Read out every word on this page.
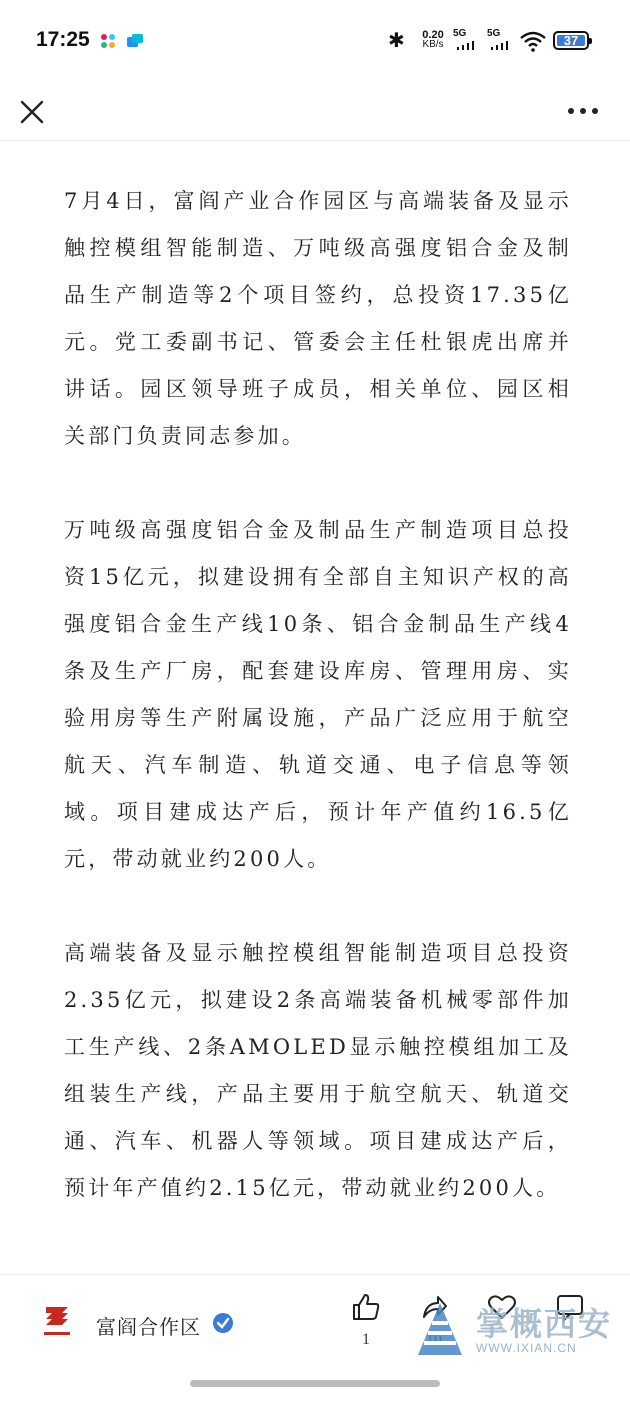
17:25	✱ 0.20
KB/s
5G 5G	37

7月4日，富阎产业合作园区与高端装备及显示触控模组智能制造、万吨级高强度铝合金及制品生产制造等2个项目签约，总投资17.35亿元。党工委副书记、管委会主任杜银虎出席并讲话。园区领导班子成员，相关单位、园区相关部门负责同志参加。

万吨级高强度铝合金及制品生产制造项目总投资15亿元，拟建设拥有全部自主知识产权的高强度铝合金生产线10条、铝合金制品生产线4条及生产厂房，配套建设库房、管理用房、实验用房等生产附属设施，产品广泛应用于航空航天、汽车制造、轨道交通、电子信息等领域。项目建成达产后，预计年产值约16.5亿元，带动就业约200人。

高端装备及显示触控模组智能制造项目总投资2.35亿元，拟建设2条高端装备机械零部件加工生产线、2条AMOLED显示触控模组加工及组装生产线，产品主要用于航空航天、轨道交通、汽车、机器人等领域。项目建成达产后，预计年产值约2.15亿元，带动就业约200人。

富阎合作区
1	掌概西安
WWW.IXIAN.CN
